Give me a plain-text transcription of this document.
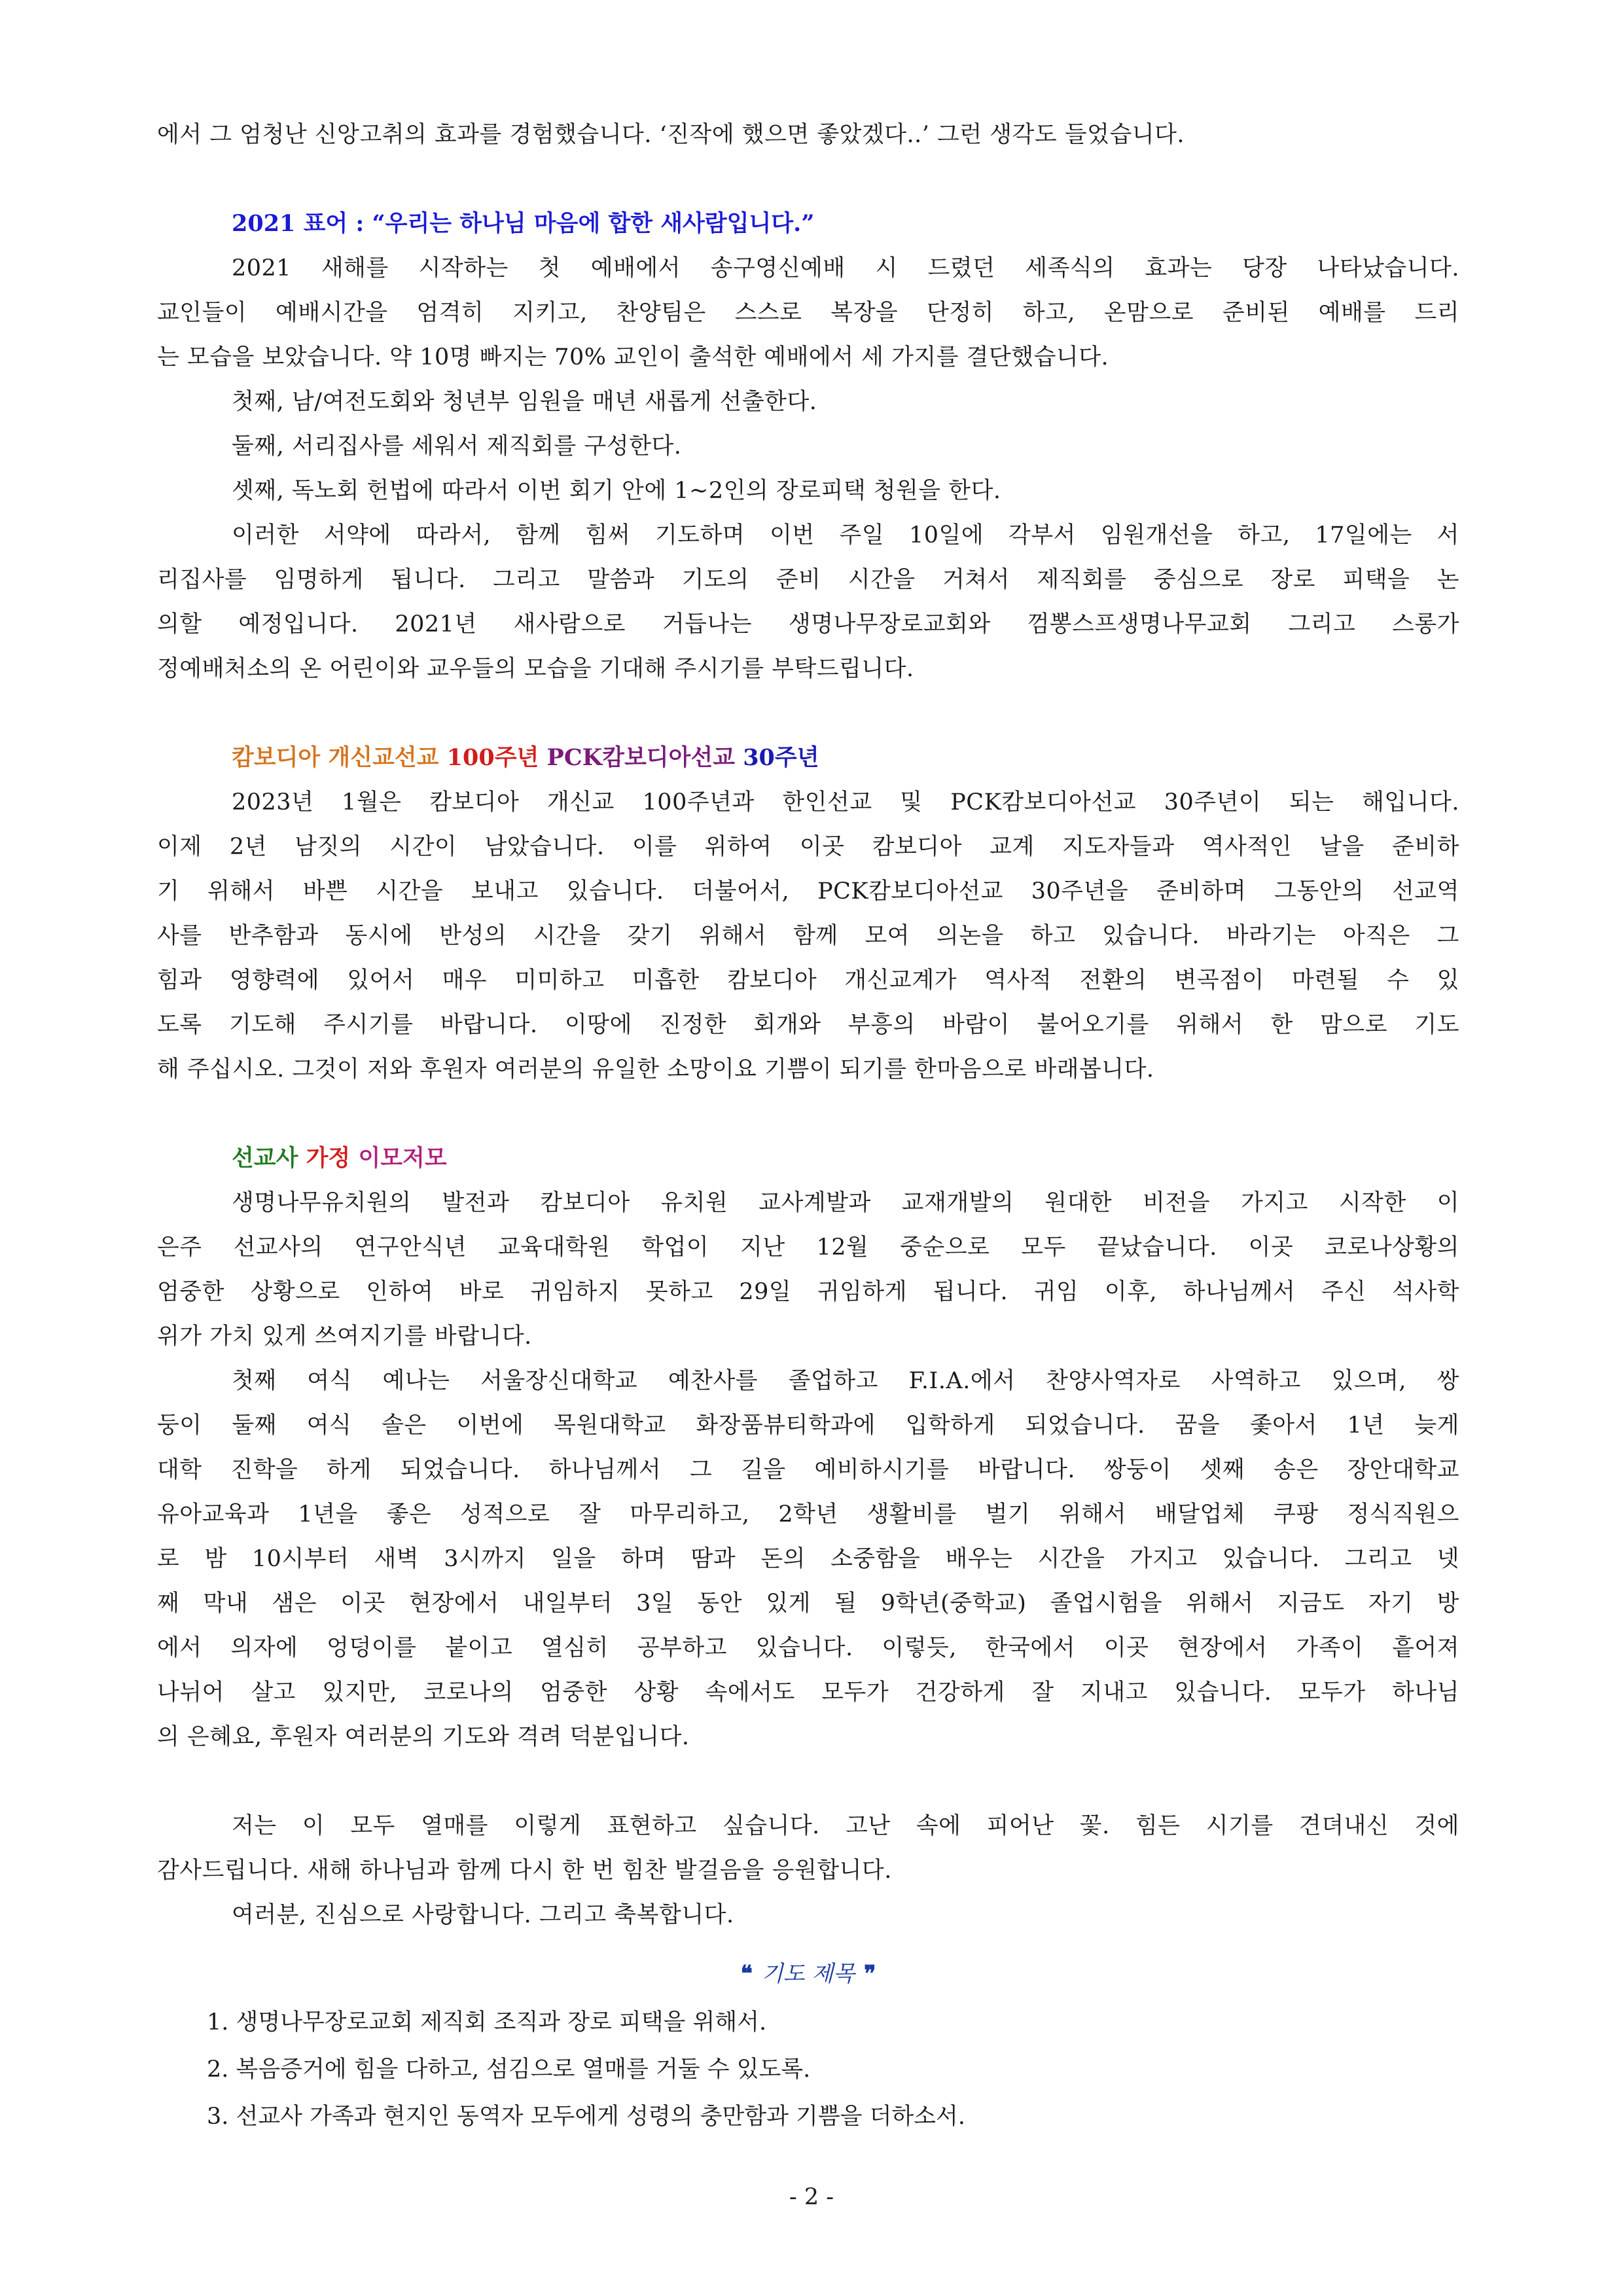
에서 그 엄청난 신앙고취의 효과를 경험했습니다. ‘진작에 했으면 좋았겠다..’ 그런 생각도 들었습니다.
2021 표어 : “우리는 하나님 마음에 합한 새사람입니다.”
2021 새해를 시작하는 첫 예배에서 송구영신예배 시 드렸던 세족식의 효과는 당장 나타났습니다.
교인들이 예배시간을 엄격히 지키고, 찬양팀은 스스로 복장을 단정히 하고, 온맘으로 준비된 예배를 드리
는 모습을 보았습니다. 약 10명 빠지는 70% 교인이 출석한 예배에서 세 가지를 결단했습니다.
첫째, 남/여전도회와 청년부 임원을 매년 새롭게 선출한다.
둘째, 서리집사를 세워서 제직회를 구성한다.
셋째, 독노회 헌법에 따라서 이번 회기 안에 1~2인의 장로피택 청원을 한다.
이러한 서약에 따라서, 함께 힘써 기도하며 이번 주일 10일에 각부서 임원개선을 하고, 17일에는 서
리집사를 임명하게 됩니다. 그리고 말씀과 기도의 준비 시간을 거쳐서 제직회를 중심으로 장로 피택을 논
의할 예정입니다. 2021년 새사람으로 거듭나는 생명나무장로교회와 껌뽕스프생명나무교회 그리고 스롱가
정예배처소의 온 어린이와 교우들의 모습을 기대해 주시기를 부탁드립니다.
캄보디아 개신교선교 100주년 PCK캄보디아선교 30주년
2023년 1월은 캄보디아 개신교 100주년과 한인선교 및 PCK캄보디아선교 30주년이 되는 해입니다.
이제 2년 남짓의 시간이 남았습니다. 이를 위하여 이곳 캄보디아 교계 지도자들과 역사적인 날을 준비하
기 위해서 바쁜 시간을 보내고 있습니다. 더불어서, PCK캄보디아선교 30주년을 준비하며 그동안의 선교역
사를 반추함과 동시에 반성의 시간을 갖기 위해서 함께 모여 의논을 하고 있습니다. 바라기는 아직은 그
힘과 영향력에 있어서 매우 미미하고 미흡한 캄보디아 개신교계가 역사적 전환의 변곡점이 마련될 수 있
도록 기도해 주시기를 바랍니다. 이땅에 진정한 회개와 부흥의 바람이 불어오기를 위해서 한 맘으로 기도
해 주십시오. 그것이 저와 후원자 여러분의 유일한 소망이요 기쁨이 되기를 한마음으로 바래봅니다.
선교사 가정 이모저모
생명나무유치원의 발전과 캄보디아 유치원 교사계발과 교재개발의 원대한 비전을 가지고 시작한 이
은주 선교사의 연구안식년 교육대학원 학업이 지난 12월 중순으로 모두 끝났습니다. 이곳 코로나상황의
엄중한 상황으로 인하여 바로 귀임하지 못하고 29일 귀임하게 됩니다. 귀임 이후, 하나님께서 주신 석사학
위가 가치 있게 쓰여지기를 바랍니다.
첫째 여식 예나는 서울장신대학교 예찬사를 졸업하고 F.I.A.에서 찬양사역자로 사역하고 있으며, 쌍
둥이 둘째 여식 솔은 이번에 목원대학교 화장품뷰티학과에 입학하게 되었습니다. 꿈을 좇아서 1년 늦게
대학 진학을 하게 되었습니다. 하나님께서 그 길을 예비하시기를 바랍니다. 쌍둥이 셋째 송은 장안대학교
유아교육과 1년을 좋은 성적으로 잘 마무리하고, 2학년 생활비를 벌기 위해서 배달업체 쿠팡 정식직원으
로 밤 10시부터 새벽 3시까지 일을 하며 땀과 돈의 소중함을 배우는 시간을 가지고 있습니다. 그리고 넷
째 막내 샘은 이곳 현장에서 내일부터 3일 동안 있게 될 9학년(중학교) 졸업시험을 위해서 지금도 자기 방
에서 의자에 엉덩이를 붙이고 열심히 공부하고 있습니다. 이렇듯, 한국에서 이곳 현장에서 가족이 흩어져
나뉘어 살고 있지만, 코로나의 엄중한 상황 속에서도 모두가 건강하게 잘 지내고 있습니다. 모두가 하나님
의 은혜요, 후원자 여러분의 기도와 격려 덕분입니다.
저는 이 모두 열매를 이렇게 표현하고 싶습니다. 고난 속에 피어난 꽃. 힘든 시기를 견뎌내신 것에
감사드립니다. 새해 하나님과 함께 다시 한 번 힘찬 발걸음을 응원합니다.
여러분, 진심으로 사랑합니다. 그리고 축복합니다.
❝ 기도 제목 ❞
1. 생명나무장로교회 제직회 조직과 장로 피택을 위해서.
2. 복음증거에 힘을 다하고, 섬김으로 열매를 거둘 수 있도록.
3. 선교사 가족과 현지인 동역자 모두에게 성령의 충만함과 기쁨을 더하소서.
- 2 -
